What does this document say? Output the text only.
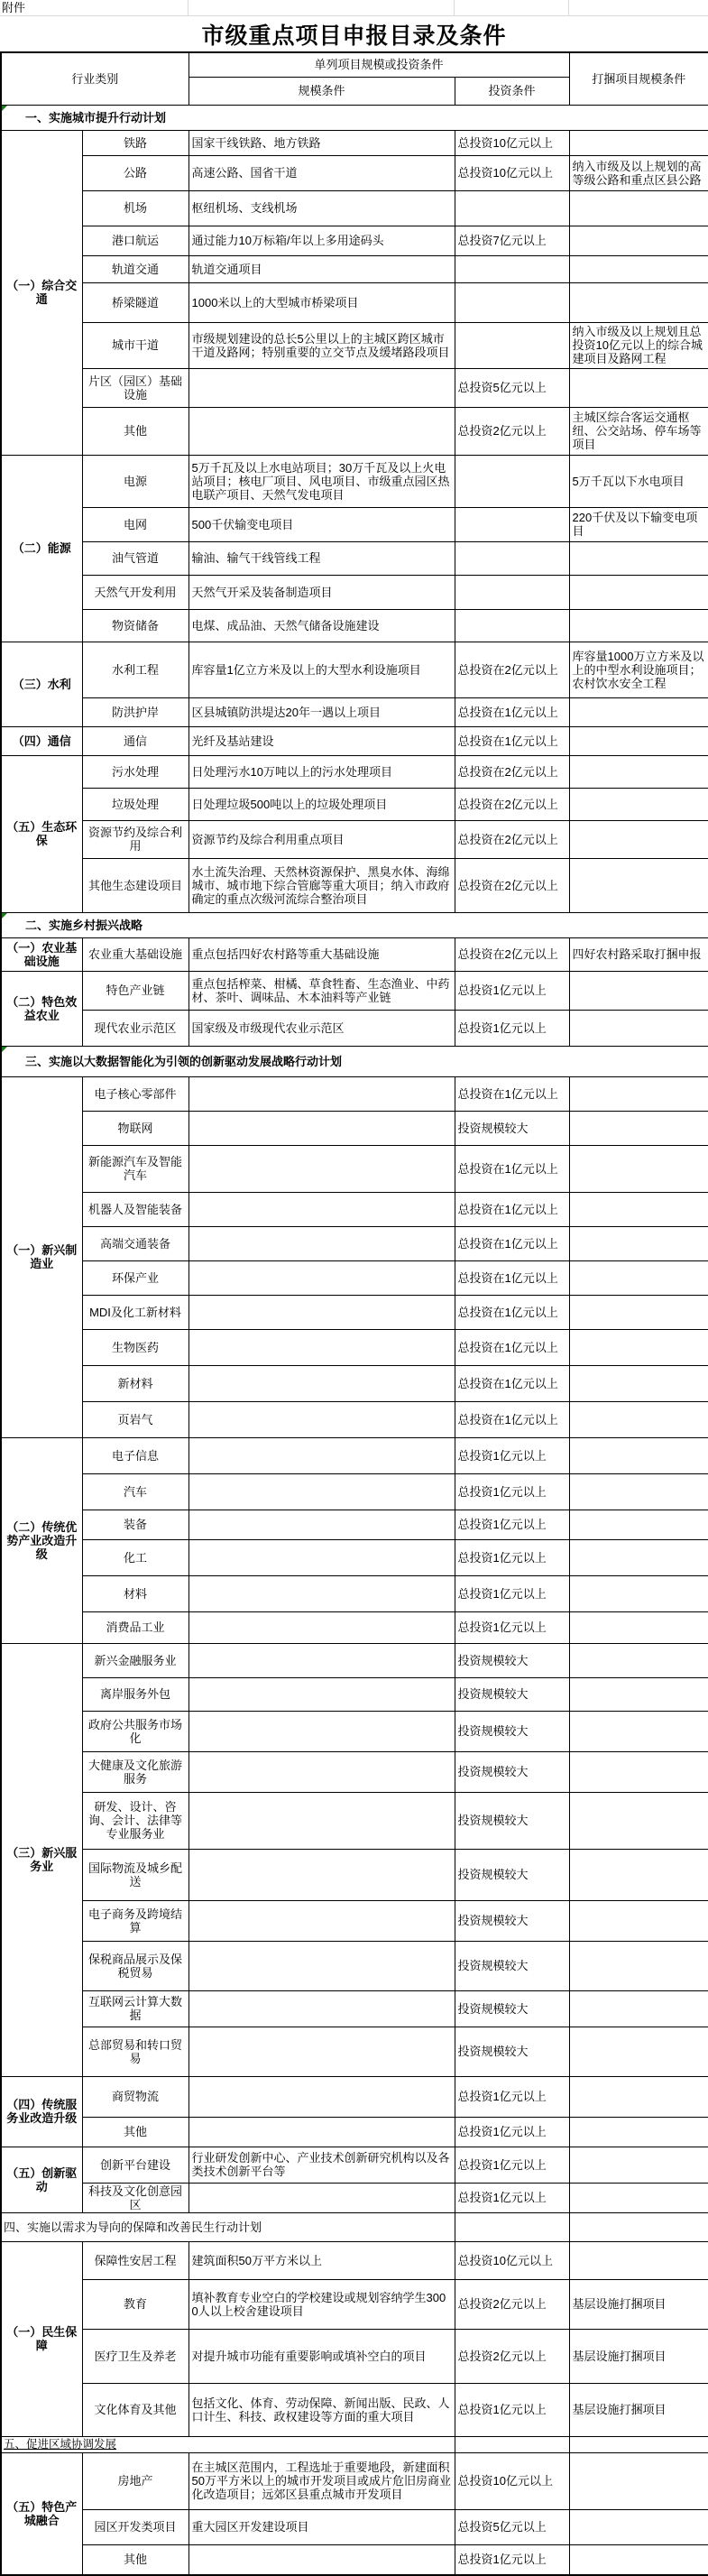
附件
市级重点项目申报目录及条件
行业类别		单列项目规模或投资条件		打捆项目规模条件
		规模条件	投资条件	
一、实施城市提升行动计划				
（一）综合交通	铁路	国家干线铁路、地方铁路	总投资10亿元以上	
	公路	高速公路、国省干道	总投资10亿元以上	纳入市级及以上规划的高等级公路和重点区县公路
	机场	枢纽机场、支线机场		
	港口航运	通过能力10万标箱/年以上多用途码头	总投资7亿元以上	
	轨道交通	轨道交通项目		
	桥梁隧道	1000米以上的大型城市桥梁项目		
	城市干道	市级规划建设的总长5公里以上的主城区跨区城市干道及路网；特别重要的立交节点及缓堵路段项目		纳入市级及以上规划且总投资10亿元以上的综合城建项目及路网工程
	片区（园区）基础设施		总投资5亿元以上	
	其他		总投资2亿元以上	主城区综合客运交通枢纽、公交站场、停车场等项目
（二）能源	电源	5万千瓦及以上水电站项目；30万千瓦及以上火电站项目；核电厂项目、风电项目、市级重点园区热电联产项目、天然气发电项目		5万千瓦以下水电项目
	电网	500千伏输变电项目		220千伏及以下输变电项目
	油气管道	输油、输气干线管线工程		
	天然气开发利用	天然气开采及装备制造项目		
	物资储备	电煤、成品油、天然气储备设施建设		
（三）水利	水利工程	库容量1亿立方米及以上的大型水利设施项目	总投资在2亿元以上	库容量1000万立方米及以上的中型水利设施项目；农村饮水安全工程
	防洪护岸	区县城镇防洪堤达20年一遇以上项目	总投资在1亿元以上	
（四）通信	通信	光纤及基站建设	总投资在1亿元以上	
（五）生态环保	污水处理	日处理污水10万吨以上的污水处理项目	总投资在2亿元以上	
	垃圾处理	日处理垃圾500吨以上的垃圾处理项目	总投资在2亿元以上	
	资源节约及综合利用	资源节约及综合利用重点项目	总投资在2亿元以上	
	其他生态建设项目	水土流失治理、天然林资源保护、黑臭水体、海绵城市、城市地下综合管廊等重大项目；纳入市政府确定的重点次级河流综合整治项目	总投资在2亿元以上	
二、实施乡村振兴战略				
（一）农业基础设施	农业重大基础设施	重点包括四好农村路等重大基础设施	总投资在2亿元以上	四好农村路采取打捆申报
（二）特色效益农业	特色产业链	重点包括榨菜、柑橘、草食牲畜、生态渔业、中药材、茶叶、调味品、木本油料等产业链	总投资1亿元以上	
	现代农业示范区	国家级及市级现代农业示范区	总投资1亿元以上	
三、实施以大数据智能化为引领的创新驱动发展战略行动计划				
（一）新兴制造业	电子核心零部件		总投资在1亿元以上	
	物联网		投资规模较大	
	新能源汽车及智能汽车		总投资在1亿元以上	
	机器人及智能装备		总投资在1亿元以上	
	高端交通装备		总投资在1亿元以上	
	环保产业		总投资在1亿元以上	
	MDI及化工新材料		总投资在1亿元以上	
	生物医药		总投资在1亿元以上	
	新材料		总投资在1亿元以上	
	页岩气		总投资在1亿元以上	
（二）传统优势产业改造升级	电子信息		总投资1亿元以上	
	汽车		总投资1亿元以上	
	装备		总投资1亿元以上	
	化工		总投资1亿元以上	
	材料		总投资1亿元以上	
	消费品工业		总投资1亿元以上	
（三）新兴服务业	新兴金融服务业		投资规模较大	
	离岸服务外包		投资规模较大	
	政府公共服务市场化		投资规模较大	
	大健康及文化旅游服务		投资规模较大	
	研发、设计、咨询、会计、法律等专业服务业		投资规模较大	
	国际物流及城乡配送		投资规模较大	
	电子商务及跨境结算		投资规模较大	
	保税商品展示及保税贸易		投资规模较大	
	互联网云计算大数据		投资规模较大	
	总部贸易和转口贸易		投资规模较大	
（四）传统服务业改造升级	商贸物流		总投资1亿元以上	
	其他		总投资1亿元以上	
（五）创新驱动	创新平台建设	行业研发创新中心、产业技术创新研究机构以及各类技术创新平台等	总投资1亿元以上	
	科技及文化创意园区		总投资1亿元以上	
四、实施以需求为导向的保障和改善民生行动计划				
（一）民生保障	保障性安居工程	建筑面积50万平方米以上	总投资10亿元以上	
	教育	填补教育专业空白的学校建设或规划容纳学生3000人以上校舍建设项目	总投资2亿元以上	基层设施打捆项目
	医疗卫生及养老	对提升城市功能有重要影响或填补空白的项目	总投资2亿元以上	基层设施打捆项目
	文化体育及其他	包括文化、体育、劳动保障、新闻出版、民政、人口计生、科技、政权建设等方面的重大项目	总投资1亿元以上	基层设施打捆项目
五、促进区域协调发展				
（五）特色产城融合	房地产	在主城区范围内，工程选址于重要地段，新建面积50万平方米以上的城市开发项目或成片危旧房商业化改造项目；远郊区县重点城市开发项目	总投资10亿元以上	
	园区开发类项目	重大园区开发建设项目	总投资5亿元以上	
	其他		总投资1亿元以上	
